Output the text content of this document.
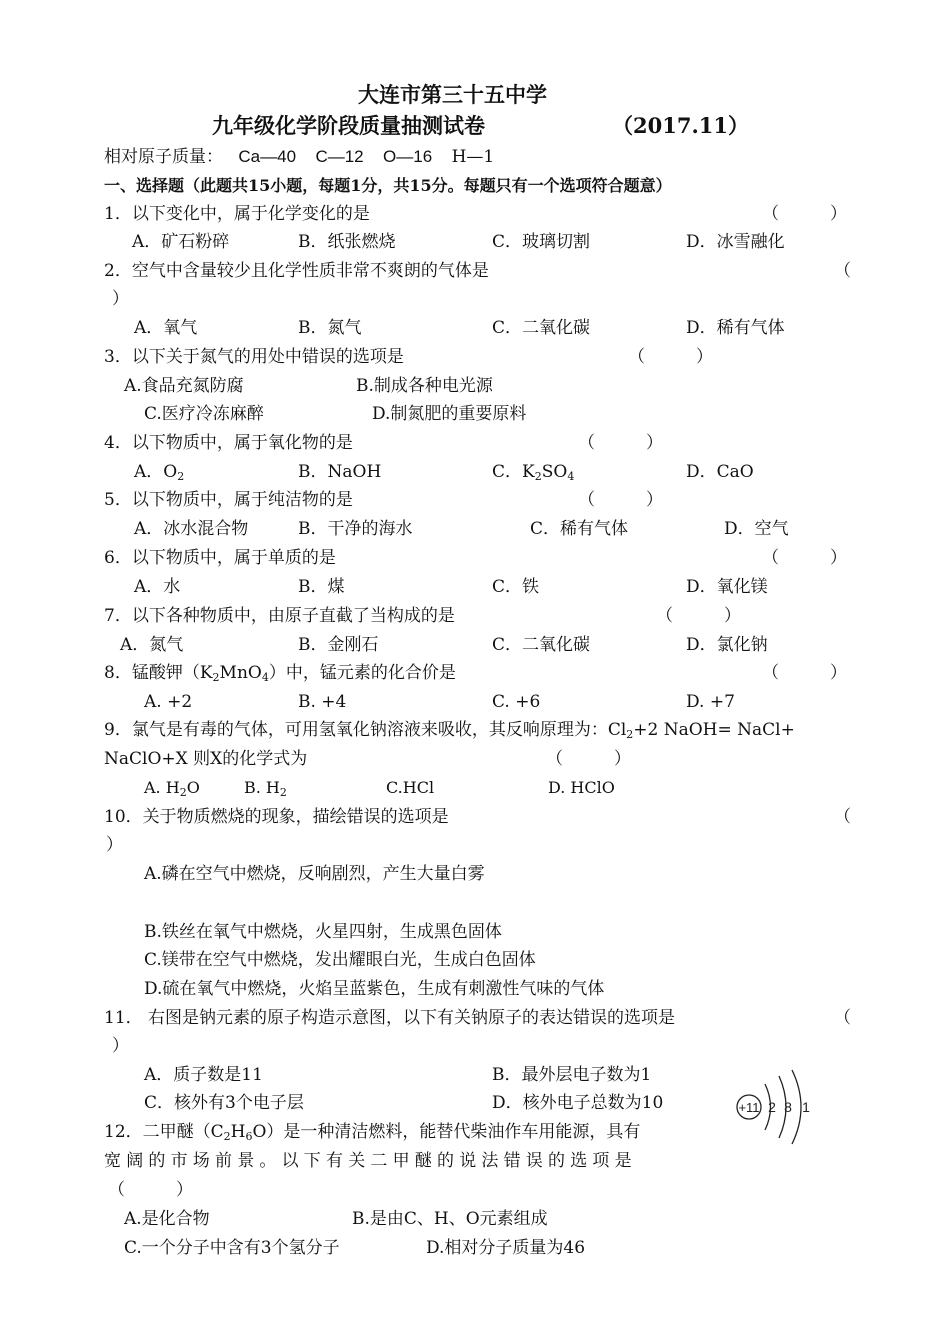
大连市第三十五中学
九年级化学阶段质量抽测试卷	（2017.11）
相对原子质量： Ca—40 C—12 O—16 H—1
一、选择题（此题共15小题，每题1分，共15分。每题只有一个选项符合题意）
1．以下变化中，属于化学变化的是	（　　　）
A．矿石粉碎	B．纸张燃烧	C．玻璃切割	D．冰雪融化
2．空气中含量较少且化学性质非常不爽朗的气体是	（
）
A．氧气	B．氮气	C．二氧化碳	D．稀有气体
3．以下关于氮气的用处中错误的选项是	（　　　）
A.食品充氮防腐	B.制成各种电光源
C.医疗冷冻麻醉	D.制氮肥的重要原料
4．以下物质中，属于氧化物的是	（　　　）
A．$O_2$	B．NaOH	C．$K_2SO_4$	D．CaO
5．以下物质中，属于纯洁物的是	（　　　）
A．冰水混合物	B．干净的海水	C．稀有气体	D．空气
6．以下物质中，属于单质的是	（　　　）
A．水	B．煤	C．铁	D．氧化镁
7．以下各种物质中，由原子直截了当构成的是	（　　　）
A．氮气	B．金刚石	C．二氧化碳	D．氯化钠
8．锰酸钾$(K_2MnO_4)$中，锰元素的化合价是	（　　　）
A. +2	B. +4	C. +6	D. +7
9．氯气是有毒的气体，可用氢氧化钠溶液来吸收，其反响原理为：$Cl_2+2$ NaOH= NaCl+
NaClO+X 则X的化学式为	（　　　）
A. $H_2O$	B. $H_2$	C.HCl	D. HClO
10．关于物质燃烧的现象，描绘错误的选项是	（
）
A.磷在空气中燃烧，反响剧烈，产生大量白雾
B.铁丝在氧气中燃烧，火星四射，生成黑色固体
C.镁带在空气中燃烧，发出耀眼白光，生成白色固体
D.硫在氧气中燃烧，火焰呈蓝紫色，生成有刺激性气味的气体
11． 右图是钠元素的原子构造示意图，以下有关钠原子的表达错误的选项是	（
）
A．质子数是11	B．最外层电子数为1
C．核外有3个电子层	D．核外电子总数为10	+11 2 8 1
12．二甲醚$(C_2H_6O)$是一种清洁燃料，能替代柴油作车用能源，具有
宽阔的市场前景。以下有关二甲醚的说法错误的选项是
（　　　）
A.是化合物	B.是由C、H、O元素组成
C.一个分子中含有3个氢分子	D.相对分子质量为46
